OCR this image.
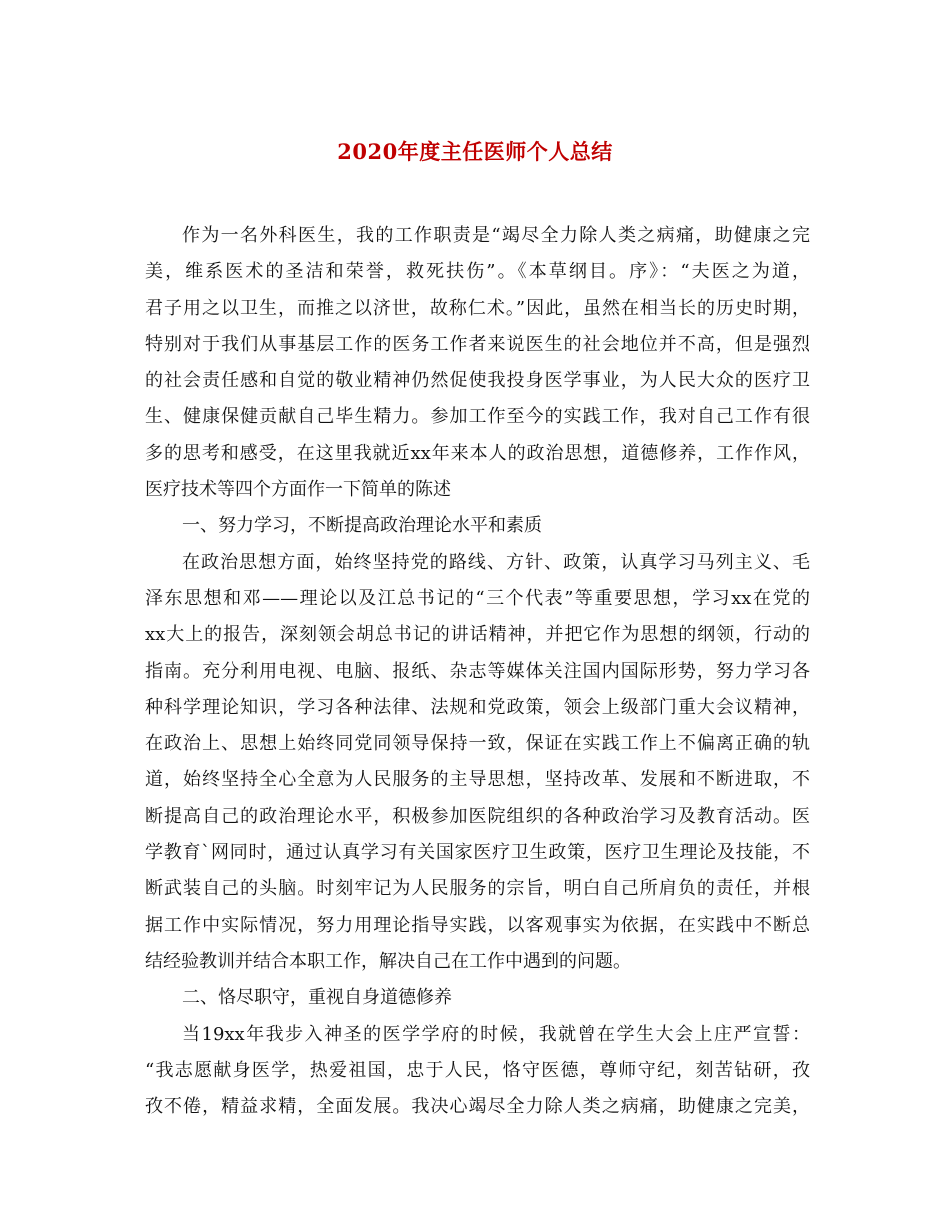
2020年度主任医师个人总结
作为一名外科医生，我的工作职责是“竭尽全力除人类之病痛，助健康之完
美，维系医术的圣洁和荣誉，救死扶伤”。《本草纲目。序》：“夫医之为道，
君子用之以卫生，而推之以济世，故称仁术。”因此，虽然在相当长的历史时期，
特别对于我们从事基层工作的医务工作者来说医生的社会地位并不高，但是强烈
的社会责任感和自觉的敬业精神仍然促使我投身医学事业，为人民大众的医疗卫
生、健康保健贡献自己毕生精力。参加工作至今的实践工作，我对自己工作有很
多的思考和感受，在这里我就近xx年来本人的政治思想，道德修养，工作作风，
医疗技术等四个方面作一下简单的陈述
一、努力学习，不断提高政治理论水平和素质
在政治思想方面，始终坚持党的路线、方针、政策，认真学习马列主义、毛
泽东思想和邓——理论以及江总书记的“三个代表”等重要思想，学习xx在党的
xx大上的报告，深刻领会胡总书记的讲话精神，并把它作为思想的纲领，行动的
指南。充分利用电视、电脑、报纸、杂志等媒体关注国内国际形势，努力学习各
种科学理论知识，学习各种法律、法规和党政策，领会上级部门重大会议精神，
在政治上、思想上始终同党同领导保持一致，保证在实践工作上不偏离正确的轨
道，始终坚持全心全意为人民服务的主导思想，坚持改革、发展和不断进取，不
断提高自己的政治理论水平，积极参加医院组织的各种政治学习及教育活动。医
学教育`网同时，通过认真学习有关国家医疗卫生政策，医疗卫生理论及技能，不
断武装自己的头脑。时刻牢记为人民服务的宗旨，明白自己所肩负的责任，并根
据工作中实际情况，努力用理论指导实践，以客观事实为依据，在实践中不断总
结经验教训并结合本职工作，解决自己在工作中遇到的问题。
二、恪尽职守，重视自身道德修养
当19xx年我步入神圣的医学学府的时候，我就曾在学生大会上庄严宣誓：
“我志愿献身医学，热爱祖国，忠于人民，恪守医德，尊师守纪，刻苦钻研，孜
孜不倦，精益求精，全面发展。我决心竭尽全力除人类之病痛，助健康之完美，
